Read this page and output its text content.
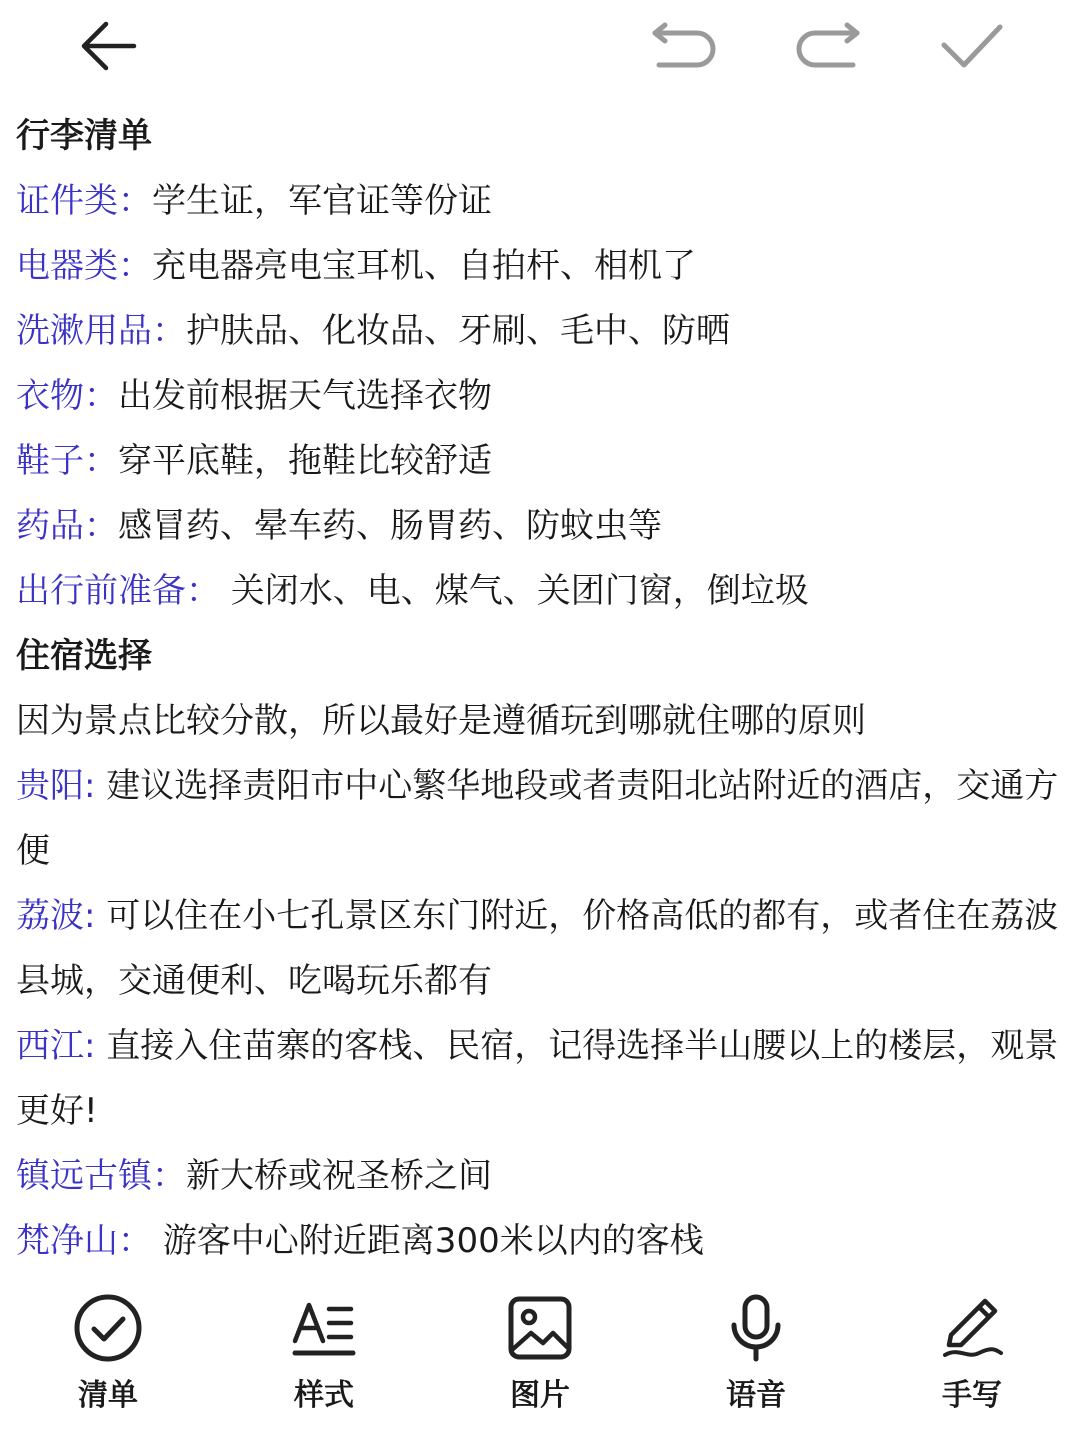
行李清单
证件类：学生证，军官证等份证
电器类：充电器亮电宝耳机、自拍杆、相机了
洗漱用品：护肤品、化妆品、牙刷、毛中、防晒
衣物：出发前根据天气选择衣物
鞋子：穿平底鞋，拖鞋比较舒适
药品：感冒药、晕车药、肠胃药、防蚊虫等
出行前准备： 关闭水、电、煤气、关团门窗，倒垃圾
住宿选择
因为景点比较分散，所以最好是遵循玩到哪就住哪的原则
贵阳: 建议选择责阳市中心繁华地段或者责阳北站附近的酒店，交通方便
荔波: 可以住在小七孔景区东门附近，价格高低的都有，或者住在荔波县城，交通便利、吃喝玩乐都有
西江: 直接入住苗寨的客栈、民宿，记得选择半山腰以上的楼层，观景更好!
镇远古镇：新大桥或祝圣桥之间
梵净山： 游客中心附近距离300米以内的客栈
清单	样式	图片	语音	手写
